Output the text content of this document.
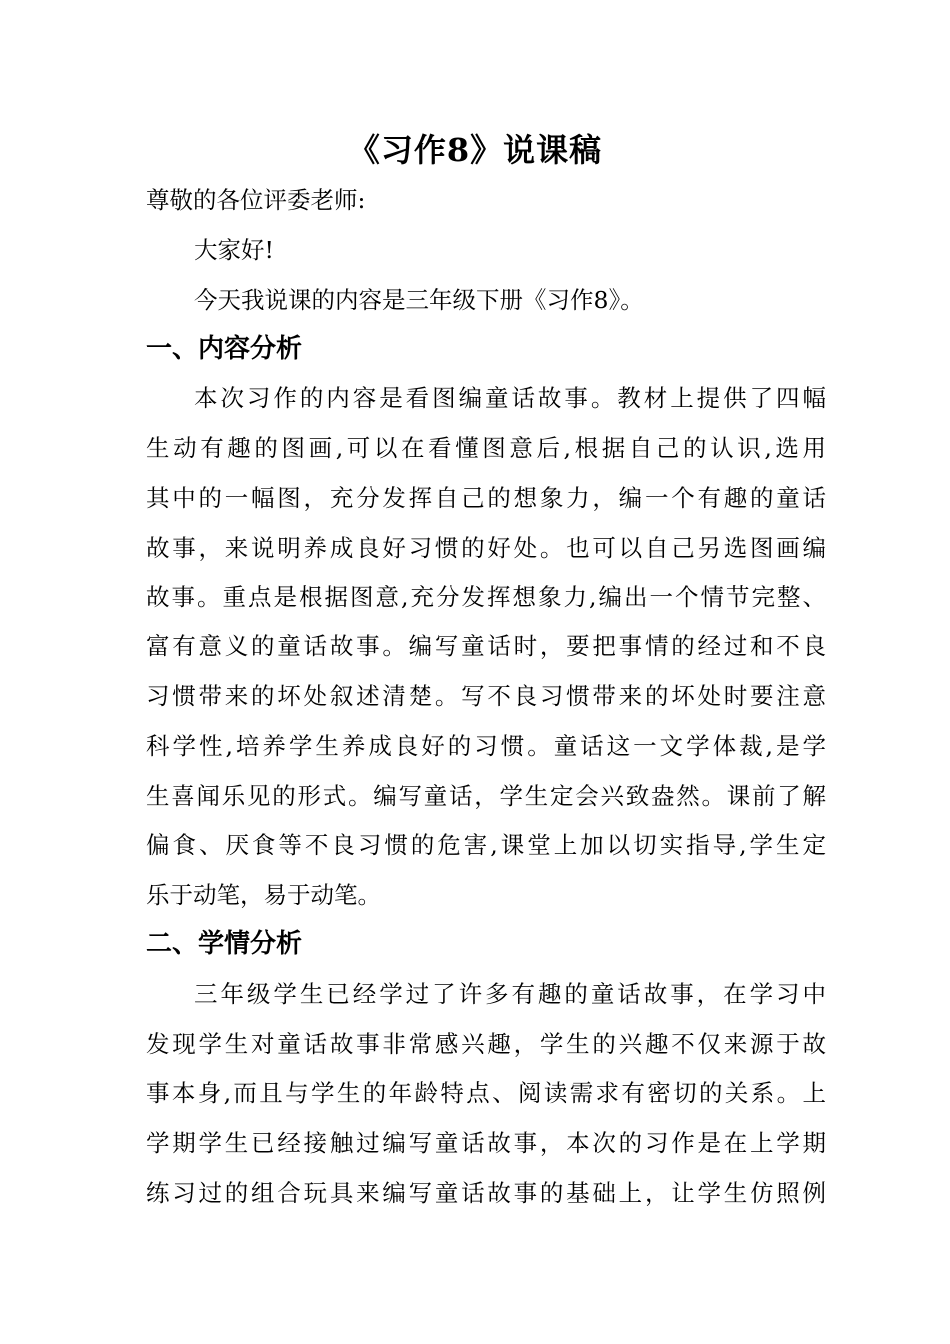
《习作8》说课稿
尊敬的各位评委老师:
大家好!
今天我说课的内容是三年级下册《习作8》。
一、内容分析
本次习作的内容是看图编童话故事。教材上提供了四幅
生动有趣的图画,可以在看懂图意后,根据自己的认识,选用
其中的一幅图，充分发挥自己的想象力，编一个有趣的童话
故事，来说明养成良好习惯的好处。也可以自己另选图画编
故事。重点是根据图意,充分发挥想象力,编出一个情节完整、
富有意义的童话故事。编写童话时，要把事情的经过和不良
习惯带来的坏处叙述清楚。写不良习惯带来的坏处时要注意
科学性,培养学生养成良好的习惯。童话这一文学体裁,是学
生喜闻乐见的形式。编写童话，学生定会兴致盎然。课前了解
偏食、厌食等不良习惯的危害,课堂上加以切实指导,学生定
乐于动笔，易于动笔。
二、学情分析
三年级学生已经学过了许多有趣的童话故事，在学习中
发现学生对童话故事非常感兴趣，学生的兴趣不仅来源于故
事本身,而且与学生的年龄特点、阅读需求有密切的关系。上
学期学生已经接触过编写童话故事，本次的习作是在上学期
练习过的组合玩具来编写童话故事的基础上，让学生仿照例
